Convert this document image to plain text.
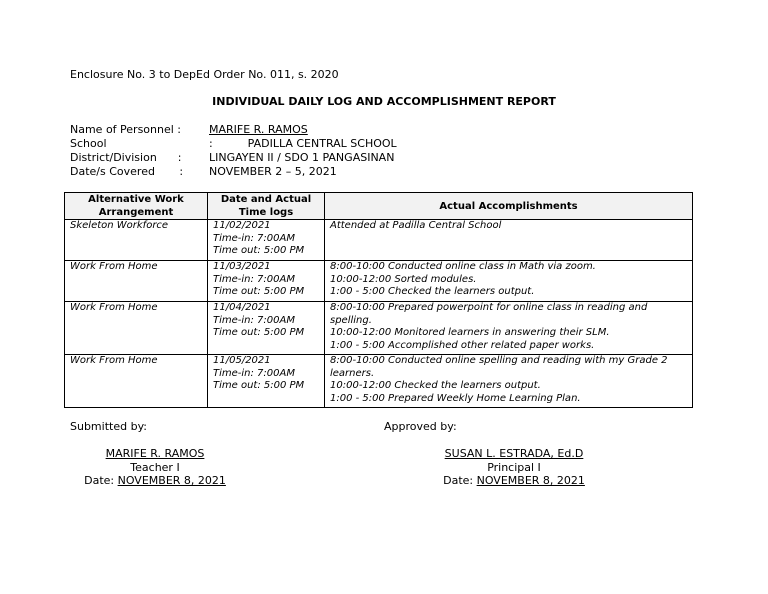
Enclosure No. 3 to DepEd Order No. 011, s. 2020
INDIVIDUAL DAILY LOG AND ACCOMPLISHMENT REPORT
Name of Personnel :	MARIFE R. RAMOS
School	:          PADILLA CENTRAL SCHOOL
District/Division      :	LINGAYEN II / SDO 1 PANGASINAN
Date/s Covered       : NOVEMBER 2 – 5, 2021
Alternative Work Arrangement	Date and Actual Time logs	Actual Accomplishments
Skeleton Workforce	11/02/2021
Time-in: 7:00AM
Time out: 5:00 PM	Attended at Padilla Central School

Work From Home	11/03/2021
Time-in: 7:00AM
Time out: 5:00 PM	8:00-10:00 Conducted online class in Math via zoom.
10:00-12:00 Sorted modules.
1:00 - 5:00 Checked the learners output.

Work From Home	11/04/2021
Time-in: 7:00AM
Time out: 5:00 PM	8:00-10:00 Prepared powerpoint for online class in reading and spelling.
10:00-12:00 Monitored learners in answering their SLM.
1:00 - 5:00 Accomplished other related paper works.

Work From Home	11/05/2021
Time-in: 7:00AM
Time out: 5:00 PM	8:00-10:00 Conducted online spelling and reading with my Grade 2
learners.
10:00-12:00 Checked the learners output.
1:00 - 5:00 Prepared Weekly Home Learning Plan.
Submitted by:
MARIFE R. RAMOS
Teacher I
Date: NOVEMBER 8, 2021
Approved by:
SUSAN L. ESTRADA, Ed.D
Principal I
Date: NOVEMBER 8, 2021
